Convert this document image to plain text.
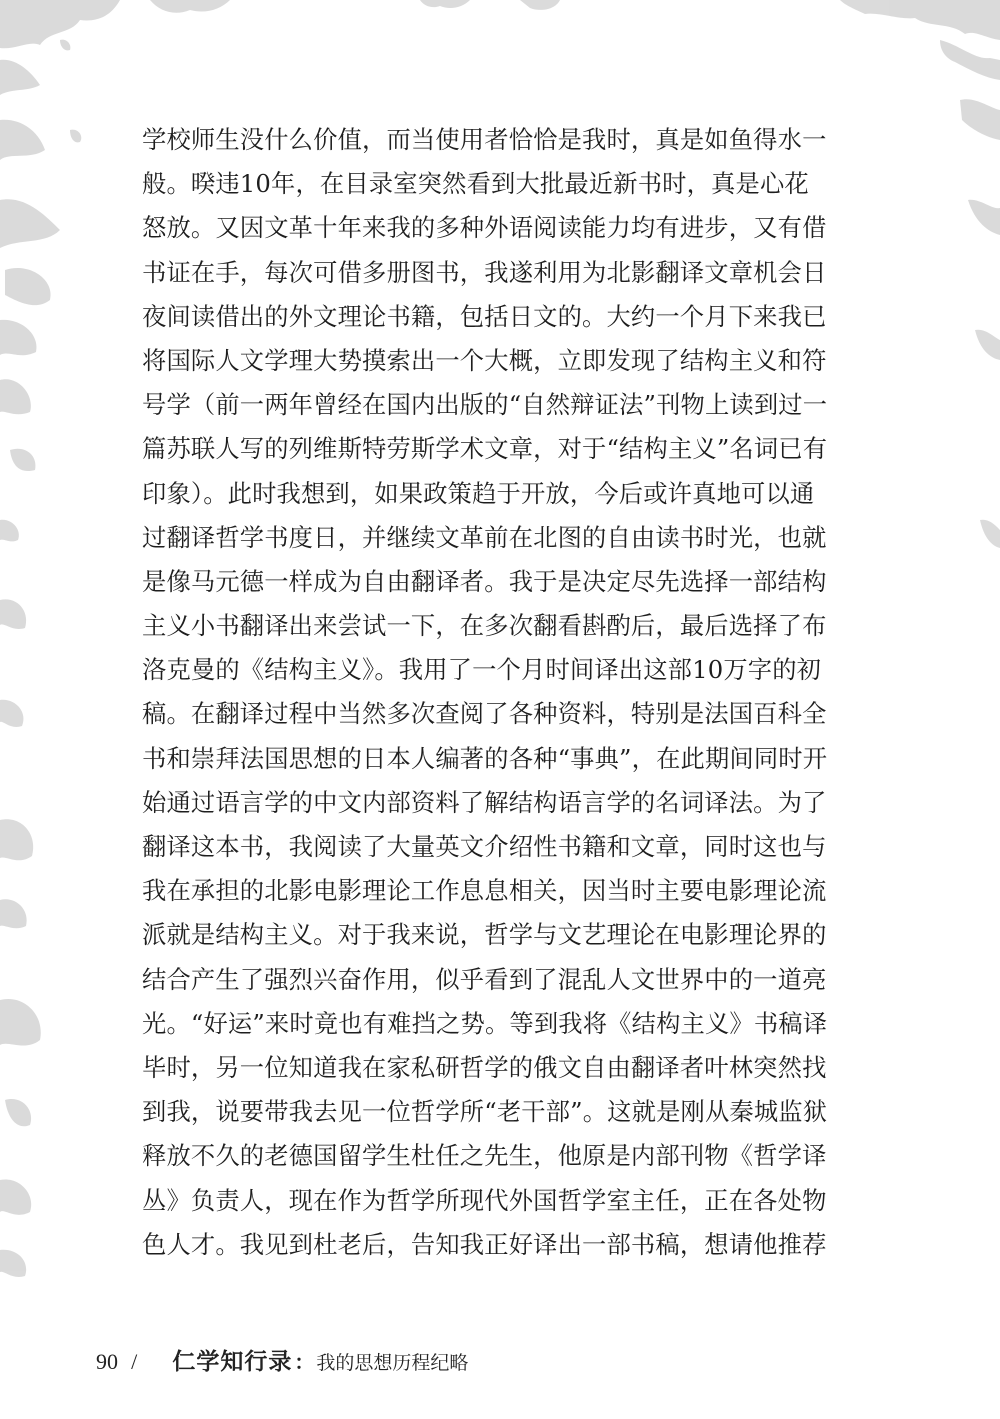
学校师生没什么价值，而当使用者恰恰是我时，真是如鱼得水一
般。暌违10年，在目录室突然看到大批最近新书时，真是心花
怒放。又因文革十年来我的多种外语阅读能力均有进步，又有借
书证在手，每次可借多册图书，我遂利用为北影翻译文章机会日
夜间读借出的外文理论书籍，包括日文的。大约一个月下来我已
将国际人文学理大势摸索出一个大概，立即发现了结构主义和符
号学（前一两年曾经在国内出版的“自然辩证法”刊物上读到过一
篇苏联人写的列维斯特劳斯学术文章，对于“结构主义”名词已有
印象）。此时我想到，如果政策趋于开放，今后或许真地可以通
过翻译哲学书度日，并继续文革前在北图的自由读书时光，也就
是像马元德一样成为自由翻译者。我于是决定尽先选择一部结构
主义小书翻译出来尝试一下，在多次翻看斟酌后，最后选择了布
洛克曼的《结构主义》。我用了一个月时间译出这部10万字的初
稿。在翻译过程中当然多次查阅了各种资料，特别是法国百科全
书和崇拜法国思想的日本人编著的各种“事典”，在此期间同时开
始通过语言学的中文内部资料了解结构语言学的名词译法。为了
翻译这本书，我阅读了大量英文介绍性书籍和文章，同时这也与
我在承担的北影电影理论工作息息相关，因当时主要电影理论流
派就是结构主义。对于我来说，哲学与文艺理论在电影理论界的
结合产生了强烈兴奋作用，似乎看到了混乱人文世界中的一道亮
光。“好运”来时竟也有难挡之势。等到我将《结构主义》书稿译
毕时，另一位知道我在家私研哲学的俄文自由翻译者叶林突然找
到我，说要带我去见一位哲学所“老干部”。这就是刚从秦城监狱
释放不久的老德国留学生杜任之先生，他原是内部刊物《哲学译
丛》负责人，现在作为哲学所现代外国哲学室主任，正在各处物
色人才。我见到杜老后，告知我正好译出一部书稿，想请他推荐
90 / 仁学知行录 ： 我的思想历程纪略
